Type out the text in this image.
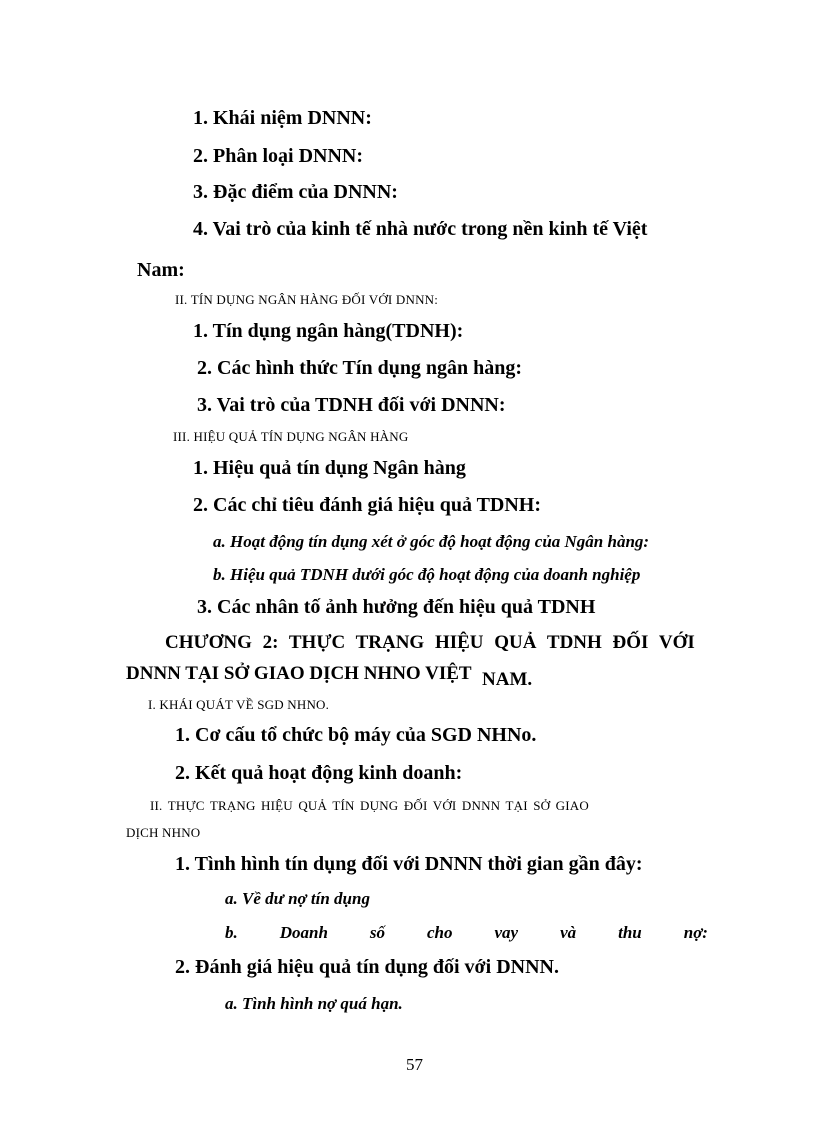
1. Khái niệm DNNN:
2. Phân loại DNNN:
3. Đặc điểm của DNNN:
4. Vai trò của kinh tế nhà nước trong nền kinh tế Việt
Nam:
II. TÍN DỤNG NGÂN HÀNG ĐỐI VỚI DNNN:
1. Tín dụng ngân hàng(TDNH):
2. Các hình thức Tín dụng ngân hàng:
3. Vai trò của TDNH đối với DNNN:
III. HIỆU QUẢ TÍN DỤNG NGÂN HÀNG
1. Hiệu quả tín dụng Ngân hàng
2. Các chỉ tiêu đánh giá hiệu quả TDNH:
a. Hoạt động tín dụng xét ở góc độ hoạt động của Ngân hàng:
b. Hiệu quả TDNH dưới góc độ hoạt động của doanh nghiệp
3. Các nhân tố ảnh hưởng đến hiệu quả TDNH
CHƯƠNG 2: THỰC TRẠNG HIỆU QUẢ TDNH ĐỐI VỚI
DNNN TẠI SỞ GIAO DỊCH NHNO VIỆT NAM.
I. KHÁI QUÁT VỀ SGD NHNO.
1. Cơ cấu tổ chức bộ máy của SGD NHNo.
2. Kết quả hoạt động kinh doanh:
II. THỰC TRẠNG HIỆU QUẢ TÍN DỤNG ĐỐI VỚI DNNN TẠI SỞ GIAO
DỊCH NHNO
1. Tình hình tín dụng đối với DNNN thời gian gần đây:
a. Về dư nợ tín dụng
b. Doanh số cho vay và thu nợ:
2. Đánh giá hiệu quả tín dụng đối với DNNN.
a. Tình hình nợ quá hạn.
57
